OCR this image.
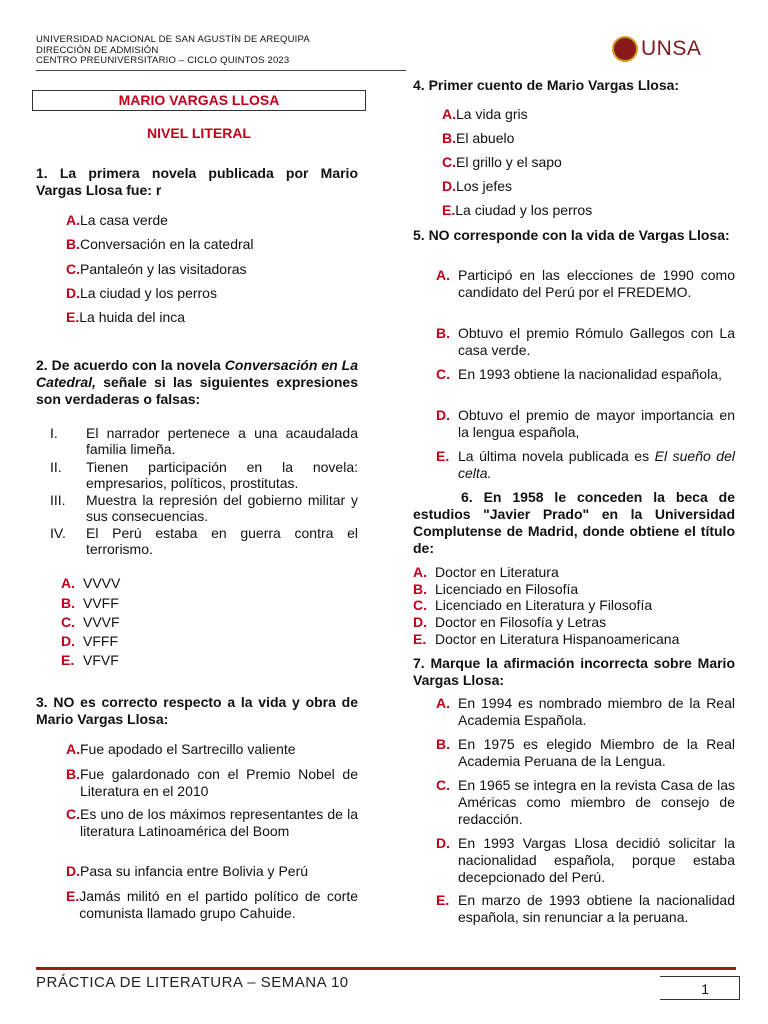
UNIVERSIDAD NACIONAL DE SAN AGUSTÍN DE AREQUIPA
DIRECCIÓN DE ADMISIÓN
CENTRO PREUNIVERSITARIO – CICLO QUINTOS 2023
UNSA
MARIO VARGAS LLOSA
NIVEL LITERAL
1. La primera novela publicada por Mario Vargas Llosa fue: r
A.La casa verde
B.Conversación en la catedral
C.Pantaleón y las visitadoras
D.La ciudad y los perros
E.La huida del inca
2. De acuerdo con la novela Conversación en La Catedral, señale si las siguientes expresiones son verdaderas o falsas:
I.	El narrador pertenece a una acaudalada familia limeña.
II.	Tienen participación en la novela: empresarios, políticos, prostitutas.
III.	Muestra la represión del gobierno militar y sus consecuencias.
IV.	El Perú estaba en guerra contra el terrorismo.
A. VVVV
B. VVFF
C. VVVF
D. VFFF
E. VFVF
3. NO es correcto respecto a la vida y obra de Mario Vargas Llosa:
A. Fue apodado el Sartrecillo valiente
B. Fue galardonado con el Premio Nobel de Literatura en el 2010
C. Es uno de los máximos representantes de la literatura Latinoamérica del Boom
D. Pasa su infancia entre Bolivia y Perú
E. Jamás militó en el partido político de corte comunista llamado grupo Cahuide.
4. Primer cuento de Mario Vargas Llosa:
A.La vida gris
B.El abuelo
C.El grillo y el sapo
D.Los jefes
E.La ciudad y los perros
5. NO corresponde con la vida de Vargas Llosa:
A. Participó en las elecciones de 1990 como candidato del Perú por el FREDEMO.
B. Obtuvo el premio Rómulo Gallegos con La casa verde.
C. En 1993 obtiene la nacionalidad española,
D. Obtuvo el premio de mayor importancia en la lengua española,
E. La última novela publicada es El sueño del celta.
6. En 1958 le conceden la beca de estudios "Javier Prado" en la Universidad Complutense de Madrid, donde obtiene el título de:
A. Doctor en Literatura
B. Licenciado en Filosofía
C. Licenciado en Literatura y Filosofía
D. Doctor en Filosofía y Letras
E. Doctor en Literatura Hispanoamericana
7. Marque la afirmación incorrecta sobre Mario Vargas Llosa:
A. En 1994 es nombrado miembro de la Real Academia Española.
B. En 1975 es elegido Miembro de la Real Academia Peruana de la Lengua.
C. En 1965 se integra en la revista Casa de las Américas como miembro de consejo de redacción.
D. En 1993 Vargas Llosa decidió solicitar la nacionalidad española, porque estaba decepcionado del Perú.
E. En marzo de 1993 obtiene la nacionalidad española, sin renunciar a la peruana.
PRÁCTICA DE LITERATURA – SEMANA 10	1
